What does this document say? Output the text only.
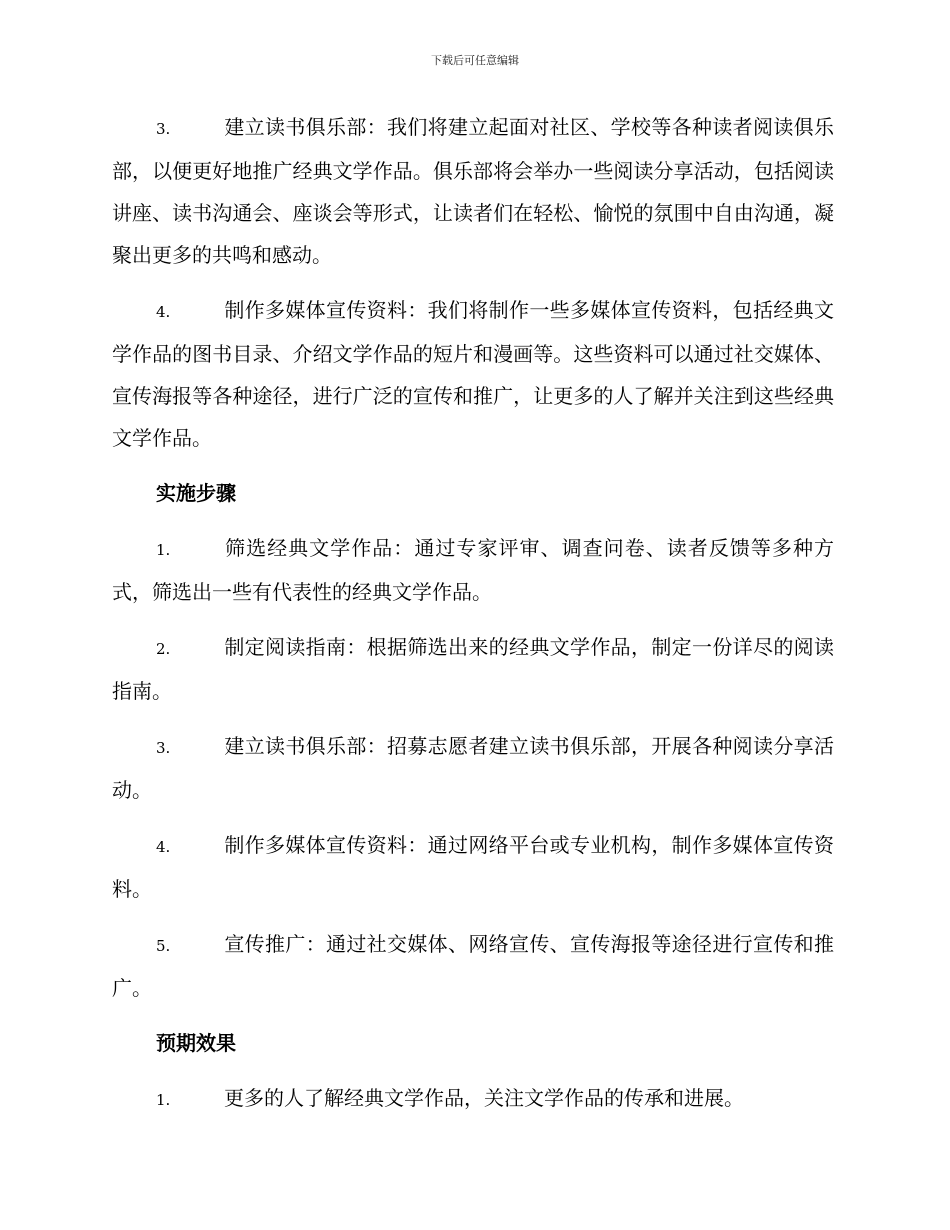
下载后可任意编辑

3.	建立读书俱乐部：我们将建立起面对社区、学校等各种读者阅读俱乐部，以便更好地推广经典文学作品。俱乐部将会举办一些阅读分享活动，包括阅读讲座、读书沟通会、座谈会等形式，让读者们在轻松、愉悦的氛围中自由沟通，凝聚出更多的共鸣和感动。

4.	制作多媒体宣传资料：我们将制作一些多媒体宣传资料，包括经典文学作品的图书目录、介绍文学作品的短片和漫画等。这些资料可以通过社交媒体、宣传海报等各种途径，进行广泛的宣传和推广，让更多的人了解并关注到这些经典文学作品。

实施步骤

1.	筛选经典文学作品：通过专家评审、调查问卷、读者反馈等多种方式，筛选出一些有代表性的经典文学作品。

2.	制定阅读指南：根据筛选出来的经典文学作品，制定一份详尽的阅读指南。

3.	建立读书俱乐部：招募志愿者建立读书俱乐部，开展各种阅读分享活动。

4.	制作多媒体宣传资料：通过网络平台或专业机构，制作多媒体宣传资料。

5.	宣传推广：通过社交媒体、网络宣传、宣传海报等途径进行宣传和推广。

预期效果

1.	更多的人了解经典文学作品，关注文学作品的传承和进展。
